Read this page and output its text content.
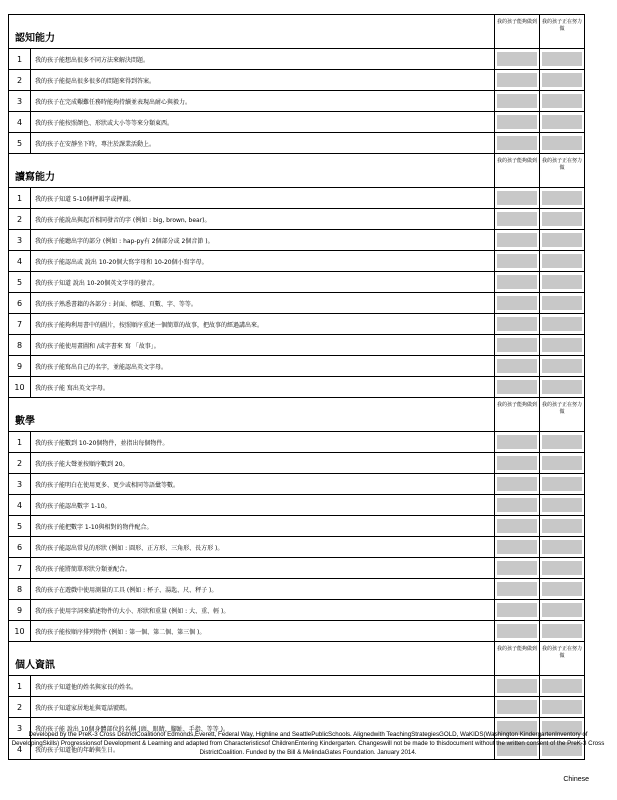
認知能力		我的孩子能夠做到	我的孩子正在努力做
1	我的孩子能想出很多不同方法來解決問題。	

2	我的孩子能提出很多很多的問題來得到答案。	

3	我的孩子在完成艱難任務時能夠持續並表現出耐心與毅力。	

4	我的孩子能按照顏色、形狀或大小等等來分類東西。	

5	我的孩子在安靜坐下時，專注於課業活動上。	

讀寫能力		我的孩子能夠做到	我的孩子正在努力做
1	我的孩子知道 5-10個押韻字或押韻。	

2	我的孩子能說出與起首相同發音的字 (例如 : big, brown, bear)。	

3	我的孩子能聽出字的部分 (例如 : hap-py有 2個部分或 2個音節 )。	

4	我的孩子能認出或 說出 10-20個大寫字母和 10-20個小寫字母。	

5	我的孩子知道 說出 10-20個英文字母的發音。	

6	我的孩子熟悉書籍的各部分 : 封面、標題、頁數、字、等等。	

7	我的孩子能夠利用書中的圖片，按照順序重述一個簡單的故事，把故事的經過講出來。	

8	我的孩子能使用畫圖和 /或字書來 寫 「故事」。	

9	我的孩子能寫出自己的名字，並能認出英文字母。	

10	我的孩子能 寫出英文字母。	

數學		我的孩子能夠做到	我的孩子正在努力做
1	我的孩子能數到 10-20個物件，並指出每個物件。	

2	我的孩子能大聲並按順序數到 20。	

3	我的孩子能明白在使用更多、更少或相同等語彙等數。	

4	我的孩子能認出數字 1-10。	

5	我的孩子能把數字 1-10與相對的物件配合。	

6	我的孩子能認出常見的形狀 (例如 : 圓形、正方形、三角形、長方形 )。	

7	我的孩子能將簡單形狀分類並配合。	

8	我的孩子在遊戲中使用測量的工具 (例如 : 杯子、湯匙、尺、秤子 )。	

9	我的孩子使用字詞來描述物件的大小、形狀和重量 (例如 : 大、重、輕 )。	

10	我的孩子能按順序排列物件 (例如 : 第一個、第二個、第三個 )。	

個人資訊		我的孩子能夠做到	我的孩子正在努力做
1	我的孩子知道他的姓名與家長的姓名。	

2	我的孩子知道家居地址與電話號碼。	

3	我的孩子能 說出 10個身體部位的名稱 (頭、眼睛、腳趾、手指、等等 )。	

4	我的孩子知道他的年齡與生日。	

Developed by the PreK-3 Cross DistrictCoalitionof Edmonds,Everett, Federal Way, Highline and SeattlePublicSchools. Alignedwith TeachingStrategiesGOLD, WaKIDS(Washington KindergartenInventory of DevelopingSkills) Progressionsof Development & Learning and adapted from Characteristicsof ChildrenEntering Kindergarten. Changeswill not be made to thisdocument without the written consent of the PreK-3 Cross DistrictCoalition. Funded by the Bill & MelindaGates Foundation. January 2014.
Chinese
